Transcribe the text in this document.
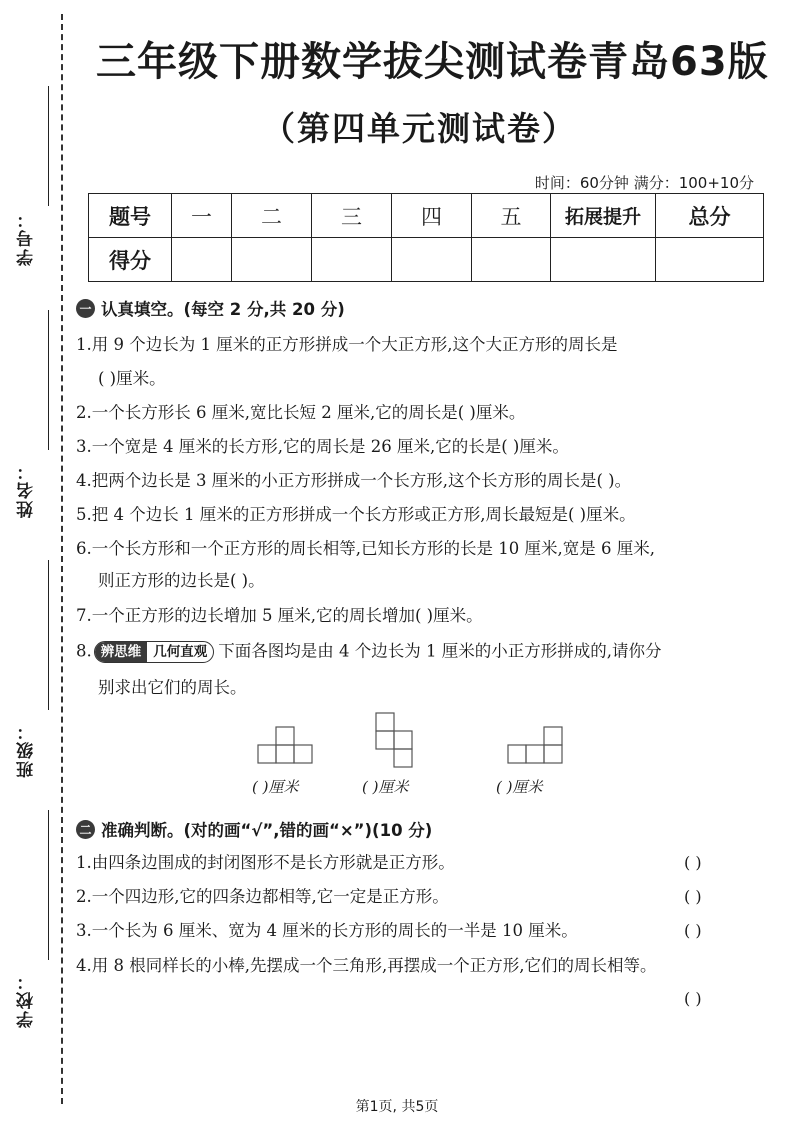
学号：
姓名：
班级：
学校：
三年级下册数学拔尖测试卷青岛63版
（第四单元测试卷）
时间：60分钟 满分：100+10分
题号	一	二	三	四	五	拓展提升	总分
得分							
一 认真填空。(每空 2 分,共 20 分)
1.用 9 个边长为 1 厘米的正方形拼成一个大正方形,这个大正方形的周长是
( )厘米。
2.一个长方形长 6 厘米,宽比长短 2 厘米,它的周长是( )厘米。
3.一个宽是 4 厘米的长方形,它的周长是 26 厘米,它的长是( )厘米。
4.把两个边长是 3 厘米的小正方形拼成一个长方形,这个长方形的周长是( )。
5.把 4 个边长 1 厘米的正方形拼成一个长方形或正方形,周长最短是( )厘米。
6.一个长方形和一个正方形的周长相等,已知长方形的长是 10 厘米,宽是 6 厘米,
则正方形的边长是( )。
7.一个正方形的边长增加 5 厘米,它的周长增加( )厘米。
8. 辨思维 几何直观 下面各图均是由 4 个边长为 1 厘米的小正方形拼成的,请你分
别求出它们的周长。
( )厘米	( )厘米	( )厘米
二 准确判断。(对的画“√”,错的画“×”)(10 分)
1.由四条边围成的封闭图形不是长方形就是正方形。	( )
2.一个四边形,它的四条边都相等,它一定是正方形。	( )
3.一个长为 6 厘米、宽为 4 厘米的长方形的周长的一半是 10 厘米。	( )
4.用 8 根同样长的小棒,先摆成一个三角形,再摆成一个正方形,它们的周长相等。
( )
第1页, 共5页
